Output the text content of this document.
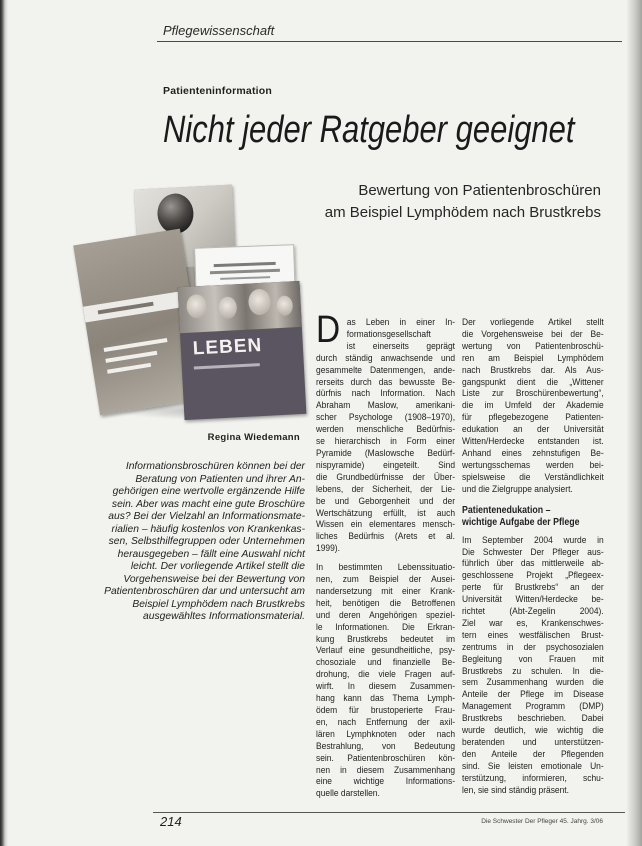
Pflegewissenschaft
Patienteninformation
Nicht jeder Ratgeber geeignet
Bewertung von Patientenbroschüren
am Beispiel Lymphödem nach Brustkrebs
LEBEN
Regina Wiedemann
Informationsbroschüren können bei der
Beratung von Patienten und ihrer An-
gehörigen eine wertvolle ergänzende Hilfe
sein. Aber was macht eine gute Broschüre
aus? Bei der Vielzahl an Informationsmate-
rialien – häufig kostenlos von Krankenkas-
sen, Selbsthilfegruppen oder Unternehmen
herausgegeben – fällt eine Auswahl nicht
leicht. Der vorliegende Artikel stellt die
Vorgehensweise bei der Bewertung von
Patientenbroschüren dar und untersucht am
Beispiel Lymphödem nach Brustkrebs
ausgewähltes Informationsmaterial.
D as Leben in einer In-
formationsgesellschaft
ist einerseits geprägt
durch ständig anwachsende und
gesammelte Datenmengen, ande-
rerseits durch das bewusste Be-
dürfnis nach Information. Nach
Abraham Maslow, amerikani-
scher Psychologe (1908–1970),
werden menschliche Bedürfnis-
se hierarchisch in Form einer
Pyramide (Maslowsche Bedürf-
nispyramide) eingeteilt. Sind
die Grundbedürfnisse der Über-
lebens, der Sicherheit, der Lie-
be und Geborgenheit und der
Wertschätzung erfüllt, ist auch
Wissen ein elementares mensch-
liches Bedürfnis (Arets et al.
1999).
In bestimmten Lebenssituatio-
nen, zum Beispiel der Ausei-
nandersetzung mit einer Krank-
heit, benötigen die Betroffenen
und deren Angehörigen speziel-
le Informationen. Die Erkran-
kung Brustkrebs bedeutet im
Verlauf eine gesundheitliche, psy-
chosoziale und finanzielle Be-
drohung, die viele Fragen auf-
wirft. In diesem Zusammen-
hang kann das Thema Lymph-
ödem für brustoperierte Frau-
en, nach Entfernung der axil-
lären Lymphknoten oder nach
Bestrahlung, von Bedeutung
sein. Patientenbroschüren kön-
nen in diesem Zusammenhang
eine wichtige Informations-
quelle darstellen.
Der vorliegende Artikel stellt
die Vorgehensweise bei der Be-
wertung von Patientenbroschü-
ren am Beispiel Lymphödem
nach Brustkrebs dar. Als Aus-
gangspunkt dient die „Wittener
Liste zur Broschürenbewertung“,
die im Umfeld der Akademie
für pflegebezogene Patienten-
edukation an der Universität
Witten/Herdecke entstanden ist.
Anhand eines zehnstufigen Be-
wertungsschemas werden bei-
spielsweise die Verständlichkeit
und die Zielgruppe analysiert.
Patientenedukation –
wichtige Aufgabe der Pflege
Im September 2004 wurde in
Die Schwester Der Pfleger aus-
führlich über das mittlerweile ab-
geschlossene Projekt „Pflegeex-
perte für Brustkrebs“ an der
Universität Witten/Herdecke be-
richtet (Abt-Zegelin 2004).
Ziel war es, Krankenschwes-
tern eines westfälischen Brust-
zentrums in der psychosozialen
Begleitung von Frauen mit
Brustkrebs zu schulen. In die-
sem Zusammenhang wurden die
Anteile der Pflege im Disease
Management Programm (DMP)
Brustkrebs beschrieben. Dabei
wurde deutlich, wie wichtig die
beratenden und unterstützen-
den Anteile der Pflegenden
sind. Sie leisten emotionale Un-
terstützung, informieren, schu-
len, sie sind ständig präsent.
214	Die Schwester Der Pfleger 45. Jahrg. 3/06
